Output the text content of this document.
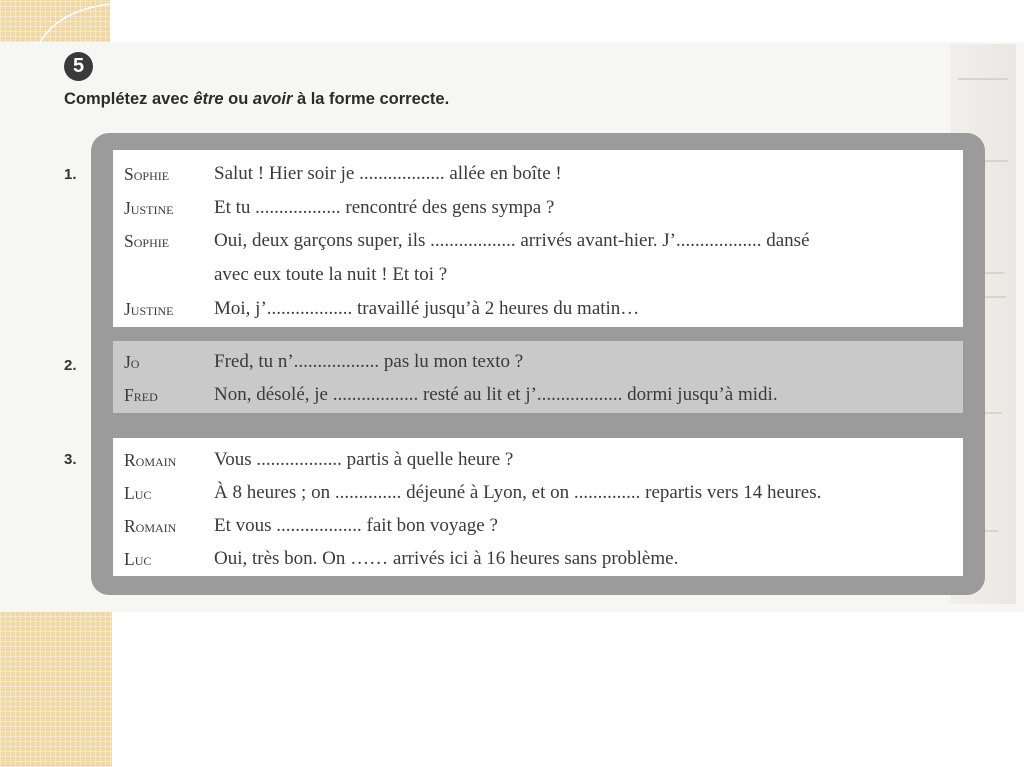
5
Complétez avec être ou avoir à la forme correcte.
1.
2.
3.
Sophie Salut ! Hier soir je .................. allée en boîte !
Justine Et tu .................. rencontré des gens sympa ?
Sophie Oui, deux garçons super, ils .................. arrivés avant-hier. J’.................. dansé
avec eux toute la nuit ! Et toi ?
Justine Moi, j’.................. travaillé jusqu’à 2 heures du matin…
Jo	Fred, tu n’.................. pas lu mon texto ?
Fred	Non, désolé, je .................. resté au lit et j’.................. dormi jusqu’à midi.
Romain Vous .................. partis à quelle heure ?
Luc	À 8 heures ; on .............. déjeuné à Lyon, et on .............. repartis vers 14 heures.
Romain Et vous .................. fait bon voyage ?
Luc	Oui, très bon. On …… arrivés ici à 16 heures sans problème.
